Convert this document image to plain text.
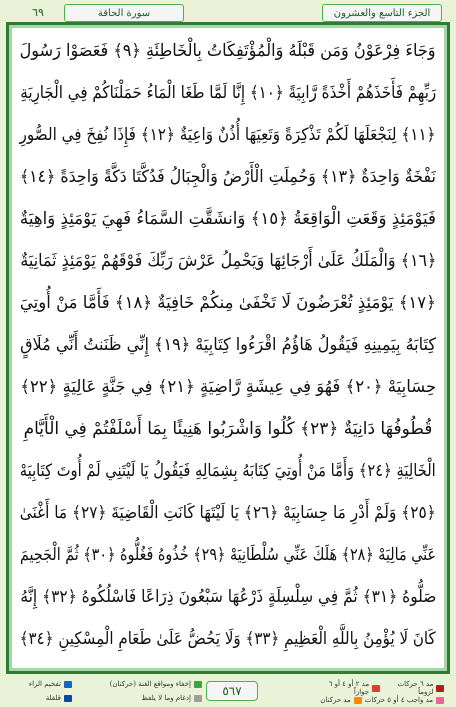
الجزء التاسع والعشرون
سورة الحاقة
٦٩
وَجَاءَ فِرْعَوْنُ وَمَن قَبْلَهُ وَالْمُؤْتَفِكَاتُ بِالْخَاطِئَةِ ﴿٩﴾ فَعَصَوْا رَسُولَ
رَبِّهِمْ فَأَخَذَهُمْ أَخْذَةً رَّابِيَةً ﴿١٠﴾ إِنَّا لَمَّا طَغَا الْمَاءُ حَمَلْنَاكُمْ فِي الْجَارِيَةِ
﴿١١﴾ لِنَجْعَلَهَا لَكُمْ تَذْكِرَةً وَتَعِيَهَا أُذُنٌ وَاعِيَةٌ ﴿١٢﴾ فَإِذَا نُفِخَ فِي الصُّورِ
نَفْخَةٌ وَاحِدَةٌ ﴿١٣﴾ وَحُمِلَتِ الْأَرْضُ وَالْجِبَالُ فَدُكَّتَا دَكَّةً وَاحِدَةً ﴿١٤﴾
فَيَوْمَئِذٍ وَقَعَتِ الْوَاقِعَةُ ﴿١٥﴾ وَانشَقَّتِ السَّمَاءُ فَهِيَ يَوْمَئِذٍ وَاهِيَةٌ
﴿١٦﴾ وَالْمَلَكُ عَلَىٰ أَرْجَائِهَا وَيَحْمِلُ عَرْشَ رَبِّكَ فَوْقَهُمْ يَوْمَئِذٍ ثَمَانِيَةٌ
﴿١٧﴾ يَوْمَئِذٍ تُعْرَضُونَ لَا تَخْفَىٰ مِنكُمْ خَافِيَةٌ ﴿١٨﴾ فَأَمَّا مَنْ أُوتِيَ
كِتَابَهُ بِيَمِينِهِ فَيَقُولُ هَاؤُمُ اقْرَءُوا كِتَابِيَهْ ﴿١٩﴾ إِنِّي ظَنَنتُ أَنِّي مُلَاقٍ
حِسَابِيَهْ ﴿٢٠﴾ فَهُوَ فِي عِيشَةٍ رَّاضِيَةٍ ﴿٢١﴾ فِي جَنَّةٍ عَالِيَةٍ ﴿٢٢﴾
قُطُوفُهَا دَانِيَةٌ ﴿٢٣﴾ كُلُوا وَاشْرَبُوا هَنِيئًا بِمَا أَسْلَفْتُمْ فِي الْأَيَّامِ
الْخَالِيَةِ ﴿٢٤﴾ وَأَمَّا مَنْ أُوتِيَ كِتَابَهُ بِشِمَالِهِ فَيَقُولُ يَا لَيْتَنِي لَمْ أُوتَ كِتَابِيَهْ
﴿٢٥﴾ وَلَمْ أَدْرِ مَا حِسَابِيَهْ ﴿٢٦﴾ يَا لَيْتَهَا كَانَتِ الْقَاضِيَةَ ﴿٢٧﴾ مَا أَغْنَىٰ
عَنِّي مَالِيَهْ ﴿٢٨﴾ هَلَكَ عَنِّي سُلْطَانِيَهْ ﴿٢٩﴾ خُذُوهُ فَغُلُّوهُ ﴿٣٠﴾ ثُمَّ الْجَحِيمَ
صَلُّوهُ ﴿٣١﴾ ثُمَّ فِي سِلْسِلَةٍ ذَرْعُهَا سَبْعُونَ ذِرَاعًا فَاسْلُكُوهُ ﴿٣٢﴾ إِنَّهُ
كَانَ لَا يُؤْمِنُ بِاللَّهِ الْعَظِيمِ ﴿٣٣﴾ وَلَا يَحُضُّ عَلَىٰ طَعَامِ الْمِسْكِينِ ﴿٣٤﴾
مد ٦ حركات لزوماً
مد ٢ أو ٤ أو ٦ جوازاً
مد واجب ٤ أو ٥ حركات
مد حركتان
٥٦٧
إخفاء ومواقع الغنة (حركتان)
إدغام وما لا يلفظ
تفخيم الراء
قلقلة
